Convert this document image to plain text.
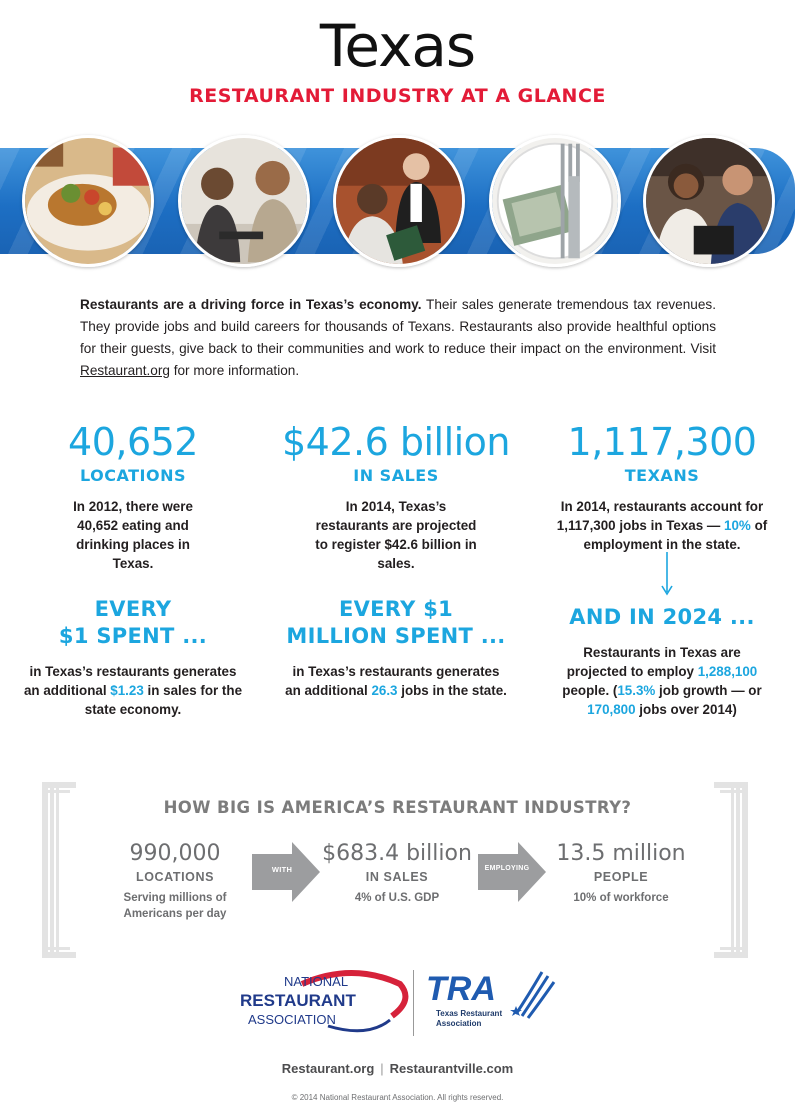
Texas
RESTAURANT INDUSTRY AT A GLANCE
Restaurants are a driving force in Texas’s economy. Their sales generate tremendous tax revenues. They provide jobs and build careers for thousands of Texans. Restaurants also provide healthful options for their guests, give back to their communities and work to reduce their impact on the environment. Visit Restaurant.org for more information.
40,652
LOCATIONS
In 2012, there were 40,652 eating and drinking places in Texas.
$42.6 billion
IN SALES
In 2014, Texas’s restaurants are projected to register $42.6 billion in sales.
1,117,300
TEXANS
In 2014, restaurants account for 1,117,300 jobs in Texas — 10% of employment in the state.
EVERY
$1 SPENT ...
in Texas’s restaurants generates an additional $1.23 in sales for the state economy.
EVERY $1
MILLION SPENT ...
in Texas’s restaurants generates an additional 26.3 jobs in the state.
AND IN 2024 ...
Restaurants in Texas are projected to employ 1,288,100 people. (15.3% job growth — or 170,800 jobs over 2014)
HOW BIG IS AMERICA’S RESTAURANT INDUSTRY?
990,000
LOCATIONS
Serving millions of Americans per day
WITH
$683.4 billion
IN SALES
4% of U.S. GDP
EMPLOYING
13.5 million
PEOPLE
10% of workforce
NATIONAL
RESTAURANT
ASSOCIATION
TRA
Texas Restaurant
Association
Restaurant.org | Restaurantville.com
© 2014 National Restaurant Association. All rights reserved.
